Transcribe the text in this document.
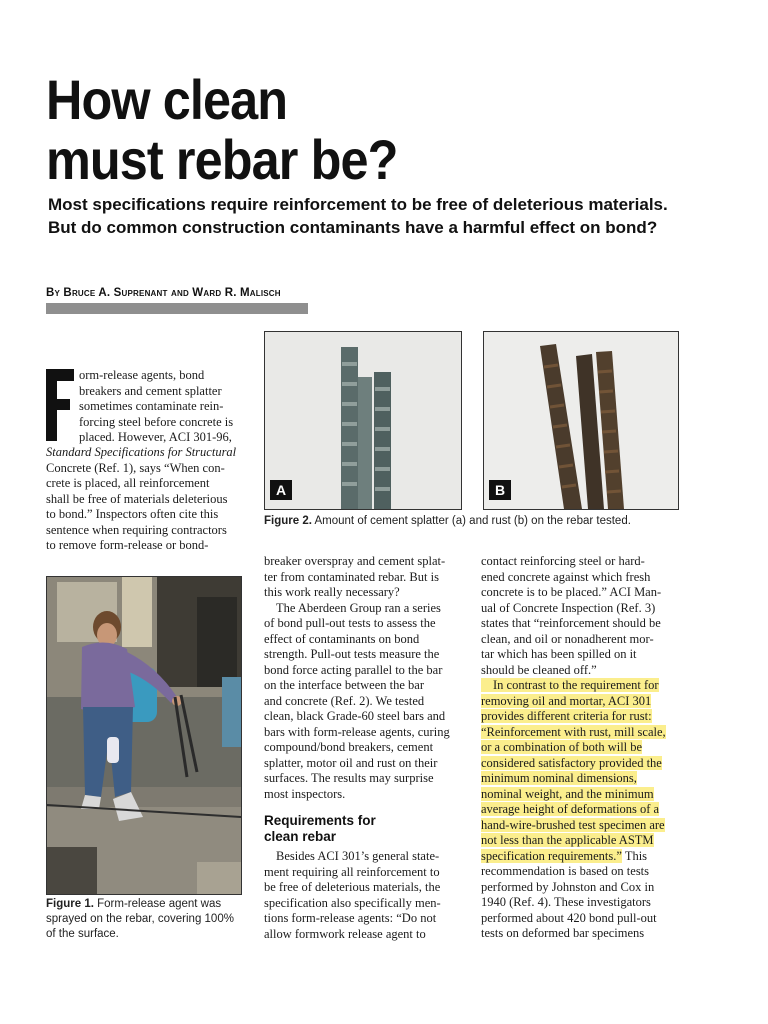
How clean
must rebar be?

Most specifications require reinforcement to be free of deleterious materials. But do common construction contaminants have a harmful effect on bond?

By Bruce A. Suprenant and Ward R. Malisch
orm-release agents, bond
breakers and cement splatter
sometimes contaminate rein-
forcing steel before concrete is
placed. However, ACI 301-96,
Standard Specifications for Structural
Concrete (Ref. 1), says “When con-
crete is placed, all reinforcement
shall be free of materials deleterious
to bond.” Inspectors often cite this
sentence when requiring contractors
to remove form-release or bond-
Figure 1. Form-release agent was sprayed on the rebar, covering 100% of the surface.
A	B
Figure 2. Amount of cement splatter (a) and rust (b) on the rebar tested.
breaker overspray and cement splat-
ter from contaminated rebar. But is
this work really necessary?
The Aberdeen Group ran a series
of bond pull-out tests to assess the
effect of contaminants on bond
strength. Pull-out tests measure the
bond force acting parallel to the bar
on the interface between the bar
and concrete (Ref. 2). We tested
clean, black Grade-60 steel bars and
bars with form-release agents, curing
compound/bond breakers, cement
splatter, motor oil and rust on their
surfaces. The results may surprise
most inspectors.
Requirements for
clean rebar
Besides ACI 301’s general state-
ment requiring all reinforcement to
be free of deleterious materials, the
specification also specifically men-
tions form-release agents: “Do not
allow formwork release agent to
contact reinforcing steel or hard-
ened concrete against which fresh
concrete is to be placed.” ACI Man-
ual of Concrete Inspection (Ref. 3)
states that “reinforcement should be
clean, and oil or nonadherent mor-
tar which has been spilled on it
should be cleaned off.”
In contrast to the requirement for
removing oil and mortar, ACI 301
provides different criteria for rust:
“Reinforcement with rust, mill scale,
or a combination of both will be
considered satisfactory provided the
minimum nominal dimensions,
nominal weight, and the minimum
average height of deformations of a
hand-wire-brushed test specimen are
not less than the applicable ASTM
specification requirements.” This
recommendation is based on tests
performed by Johnston and Cox in
1940 (Ref. 4). These investigators
performed about 420 bond pull-out
tests on deformed bar specimens
